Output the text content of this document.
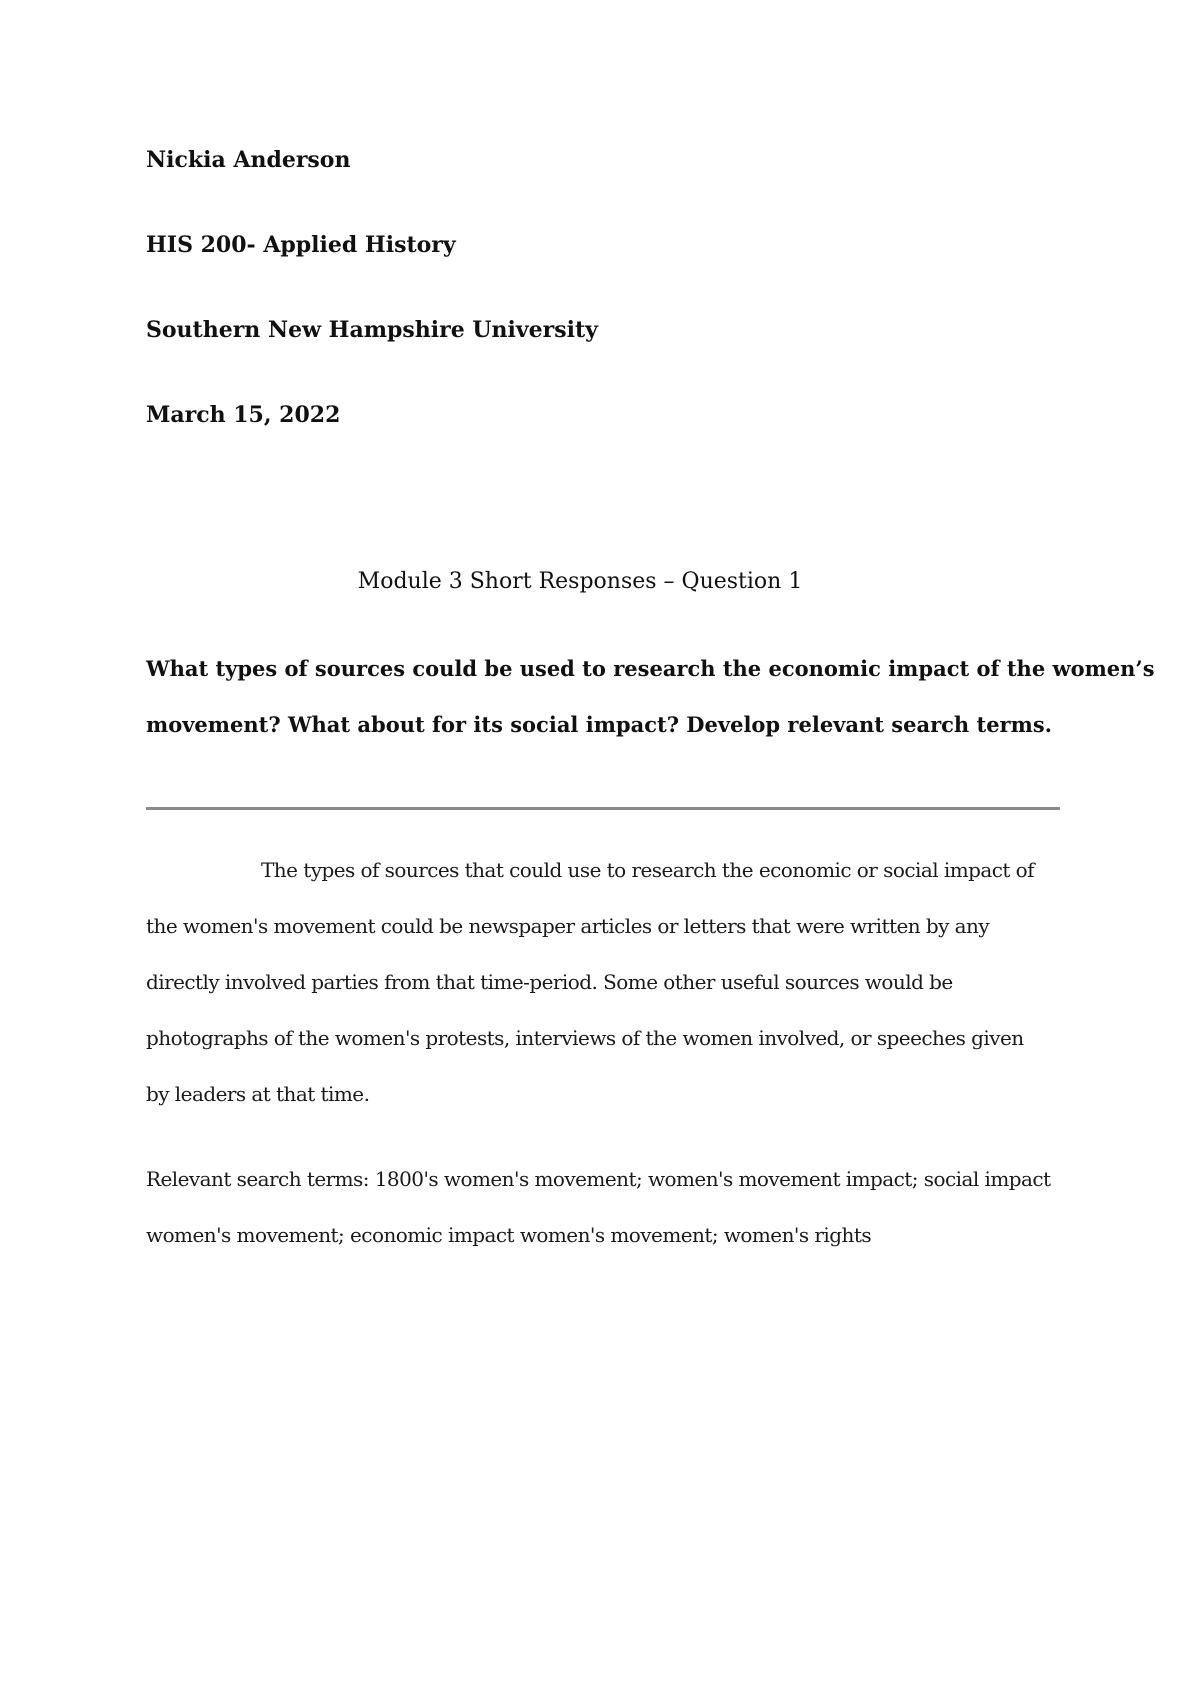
Nickia Anderson
HIS 200- Applied History
Southern New Hampshire University
March 15, 2022
Module 3 Short Responses – Question 1
What types of sources could be used to research the economic impact of the women’s
movement? What about for its social impact? Develop relevant search terms.
The types of sources that could use to research the economic or social impact of
the women's movement could be newspaper articles or letters that were written by any
directly involved parties from that time-period. Some other useful sources would be
photographs of the women's protests, interviews of the women involved, or speeches given
by leaders at that time.
Relevant search terms: 1800's women's movement; women's movement impact; social impact
women's movement; economic impact women's movement; women's rights
